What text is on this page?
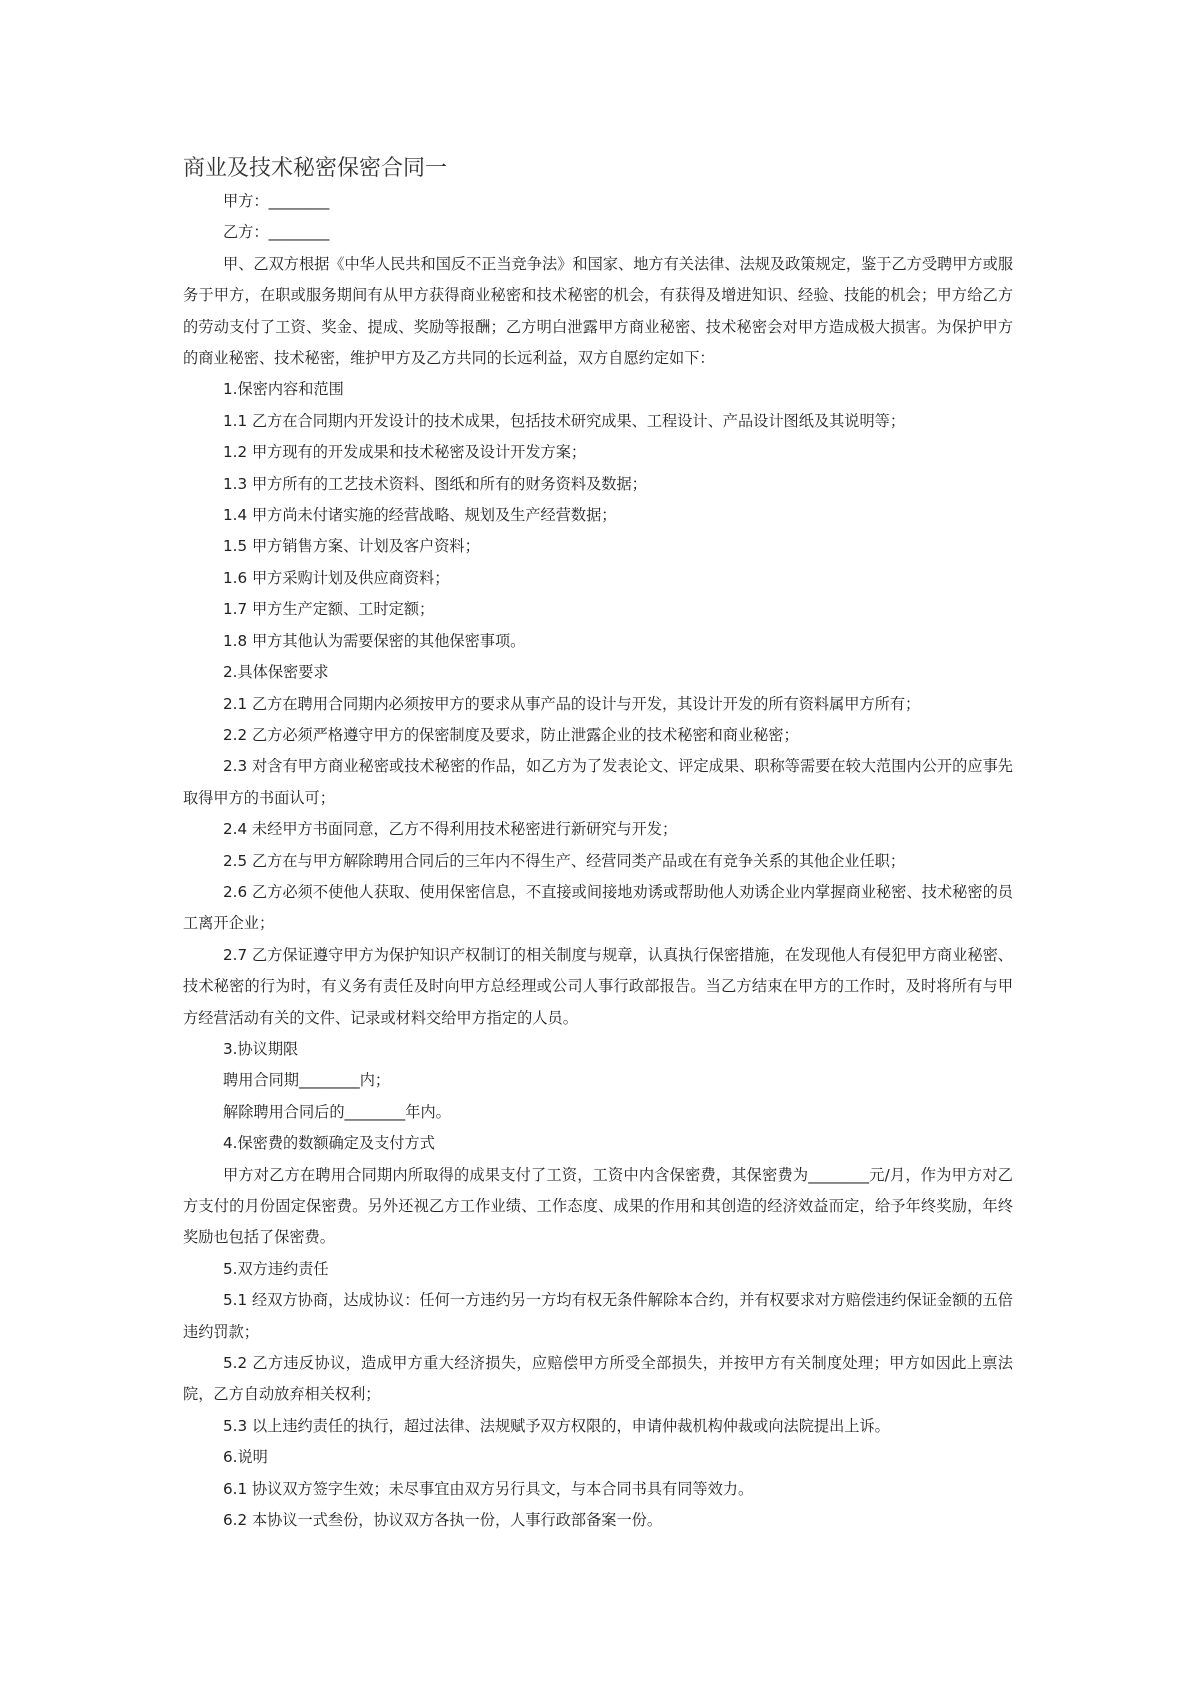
商业及技术秘密保密合同一

甲方：________

乙方：________

甲、乙双方根据《中华人民共和国反不正当竞争法》和国家、地方有关法律、法规及政策规定，鉴于乙方受聘甲方或服务于甲方，在职或服务期间有从甲方获得商业秘密和技术秘密的机会，有获得及增进知识、经验、技能的机会；甲方给乙方的劳动支付了工资、奖金、提成、奖励等报酬；乙方明白泄露甲方商业秘密、技术秘密会对甲方造成极大损害。为保护甲方的商业秘密、技术秘密，维护甲方及乙方共同的长远利益，双方自愿约定如下：

1.保密内容和范围

1.1 乙方在合同期内开发设计的技术成果，包括技术研究成果、工程设计、产品设计图纸及其说明等；

1.2 甲方现有的开发成果和技术秘密及设计开发方案；

1.3 甲方所有的工艺技术资料、图纸和所有的财务资料及数据；

1.4 甲方尚未付诸实施的经营战略、规划及生产经营数据；

1.5 甲方销售方案、计划及客户资料；

1.6 甲方采购计划及供应商资料；

1.7 甲方生产定额、工时定额；

1.8 甲方其他认为需要保密的其他保密事项。

2.具体保密要求

2.1 乙方在聘用合同期内必须按甲方的要求从事产品的设计与开发，其设计开发的所有资料属甲方所有；

2.2 乙方必须严格遵守甲方的保密制度及要求，防止泄露企业的技术秘密和商业秘密；

2.3 对含有甲方商业秘密或技术秘密的作品，如乙方为了发表论文、评定成果、职称等需要在较大范围内公开的应事先取得甲方的书面认可；

2.4 未经甲方书面同意，乙方不得利用技术秘密进行新研究与开发；

2.5 乙方在与甲方解除聘用合同后的三年内不得生产、经营同类产品或在有竞争关系的其他企业任职；

2.6 乙方必须不使他人获取、使用保密信息，不直接或间接地劝诱或帮助他人劝诱企业内掌握商业秘密、技术秘密的员工离开企业；

2.7 乙方保证遵守甲方为保护知识产权制订的相关制度与规章，认真执行保密措施，在发现他人有侵犯甲方商业秘密、技术秘密的行为时，有义务有责任及时向甲方总经理或公司人事行政部报告。当乙方结束在甲方的工作时，及时将所有与甲方经营活动有关的文件、记录或材料交给甲方指定的人员。

3.协议期限

聘用合同期________内；

解除聘用合同后的________年内。

4.保密费的数额确定及支付方式

甲方对乙方在聘用合同期内所取得的成果支付了工资，工资中内含保密费，其保密费为________元/月，作为甲方对乙方支付的月份固定保密费。另外还视乙方工作业绩、工作态度、成果的作用和其创造的经济效益而定，给予年终奖励，年终奖励也包括了保密费。

5.双方违约责任

5.1 经双方协商，达成协议：任何一方违约另一方均有权无条件解除本合约，并有权要求对方赔偿违约保证金额的五倍违约罚款；

5.2 乙方违反协议，造成甲方重大经济损失，应赔偿甲方所受全部损失，并按甲方有关制度处理；甲方如因此上禀法院，乙方自动放弃相关权利；

5.3 以上违约责任的执行，超过法律、法规赋予双方权限的，申请仲裁机构仲裁或向法院提出上诉。

6.说明

6.1 协议双方签字生效；未尽事宜由双方另行具文，与本合同书具有同等效力。

6.2 本协议一式叁份，协议双方各执一份，人事行政部备案一份。
